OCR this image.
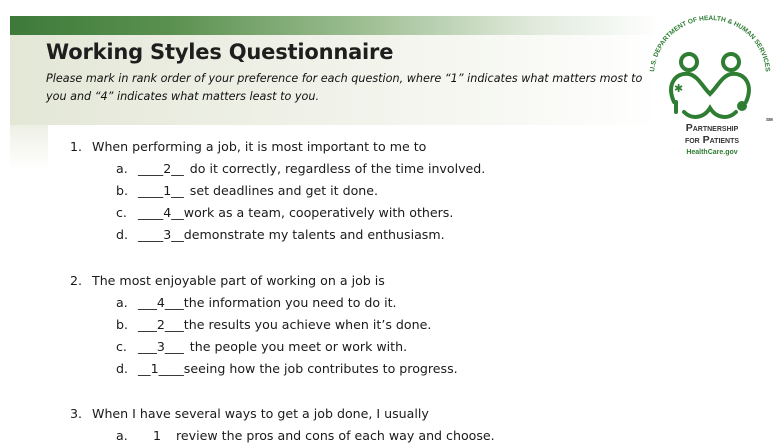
Working Styles Questionnaire
Please mark in rank order of your preference for each question, where “1” indicates what matters most to you and “4” indicates what matters least to you.
U.S. DEPARTMENT OF HEALTH & HUMAN SERVICES
✱
SM
Partnership
for Patients
HealthCare.gov
1. When performing a job, it is most important to me to
a. ____2__ do it correctly, regardless of the time involved.
b. ____1__ set deadlines and get it done.
c. ____4__work as a team, cooperatively with others.
d. ____3__demonstrate my talents and enthusiasm.
2. The most enjoyable part of working on a job is
a. ___4___the information you need to do it.
b. ___2___the results you achieve when it’s done.
c. ___3___ the people you meet or work with.
d. __1____seeing how the job contributes to progress.
3. When I have several ways to get a job done, I usually
a. 1 review the pros and cons of each way and choose.
